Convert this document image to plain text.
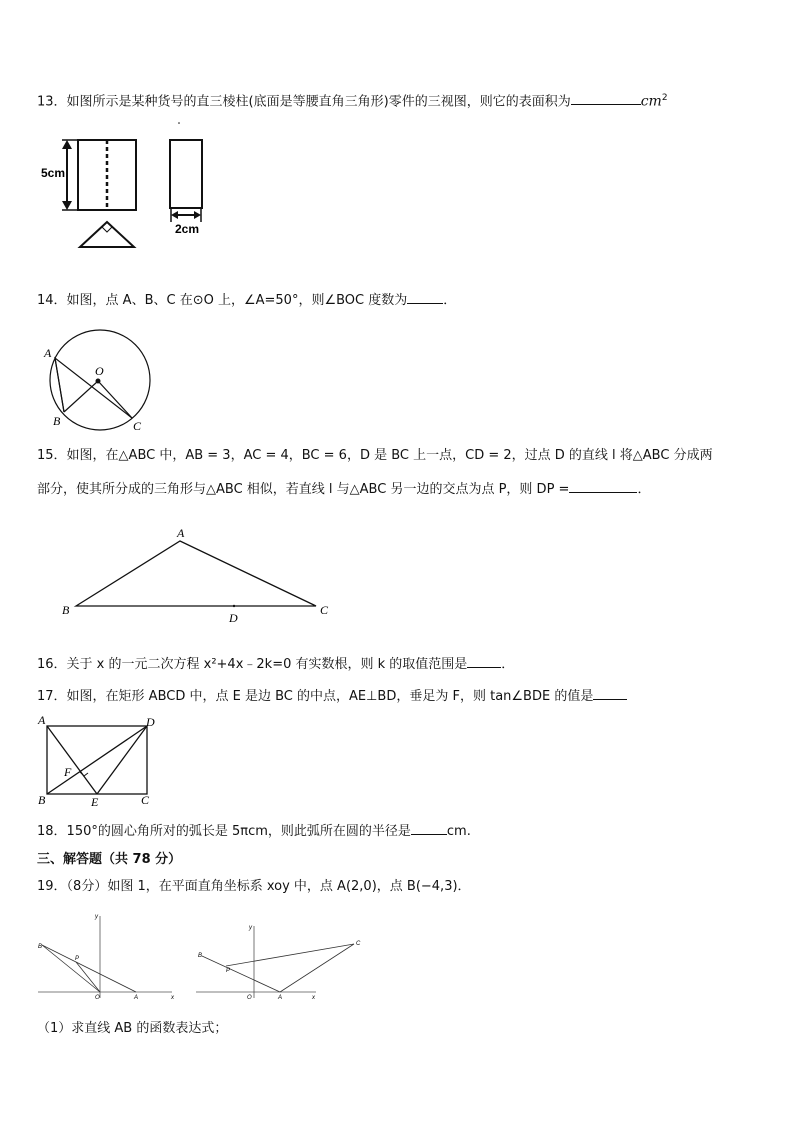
13．如图所示是某种货号的直三棱柱(底面是等腰直角三角形)零件的三视图，则它的表面积为	$cm^2$
5cm
2cm
14．如图，点 A、B、C 在⊙O 上，∠A=50°，则∠BOC 度数为	．
A
O
B	C
15．如图，在△ABC 中，AB = 3，AC = 4，BC = 6，D 是 BC 上一点，CD = 2，过点 D 的直线 l 将△ABC 分成两
部分，使其所分成的三角形与△ABC 相似，若直线 l 与△ABC 另一边的交点为点 P，则 DP =	．
A
B	C
D
16．关于 x 的一元二次方程 x²+4x﹣2k=0 有实数根，则 k 的取值范围是	．
17．如图，在矩形 ABCD 中，点 E 是边 BC 的中点，AE⊥BD，垂足为 F，则 tan∠BDE 的值是
A	D
F
B	E	C
18．150°的圆心角所对的弧长是 5πcm，则此弧所在圆的半径是	cm.
三、解答题（共 78 分）
19．（8分）如图 1，在平面直角坐标系 xoy 中，点 A(2,0)，点 B(−4,3)．
y
B
P
O	A	x
y
B
P
C
O	A	x
（1）求直线 AB 的函数表达式；
